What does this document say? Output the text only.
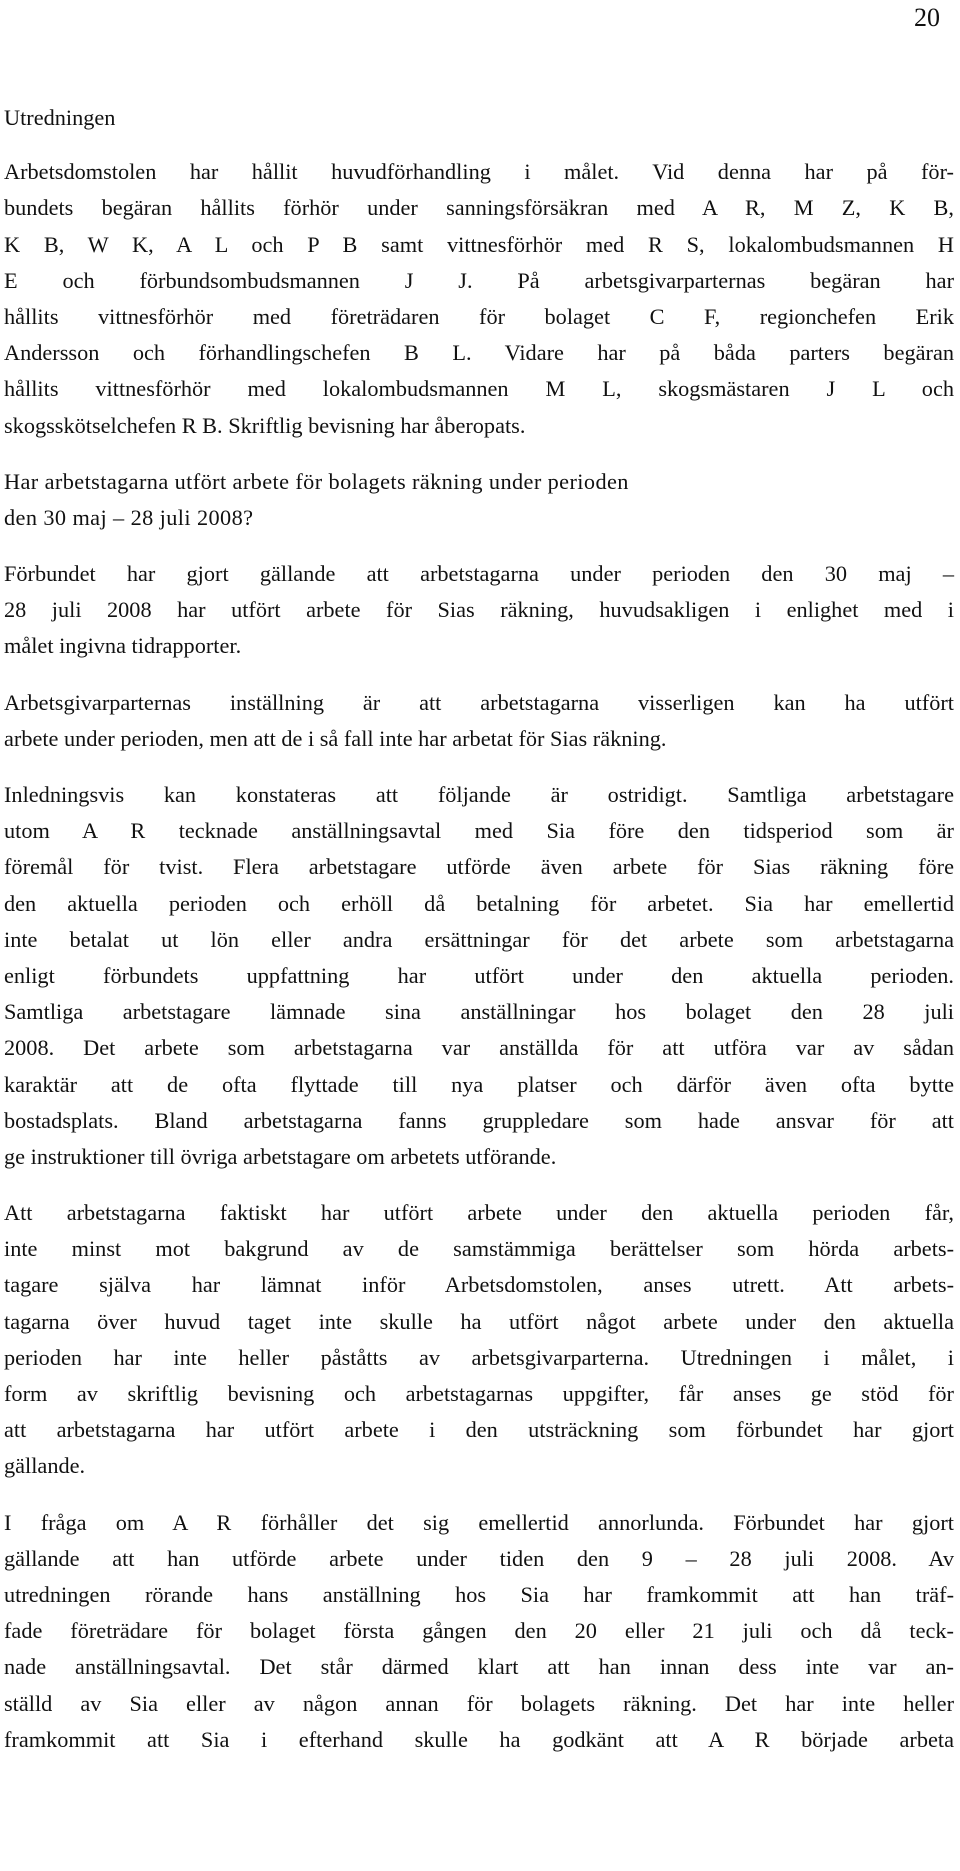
20
Utredningen
Arbetsdomstolen har hållit huvudförhandling i målet. Vid denna har på för-
bundets begäran hållits förhör under sanningsförsäkran med A R, M Z, K B,
K B, W K, A L och P B samt vittnesförhör med R S, lokalombudsmannen H
E och förbundsombudsmannen J J. På arbetsgivarparternas begäran har
hållits vittnesförhör med företrädaren för bolaget C F, regionchefen Erik
Andersson och förhandlingschefen B L. Vidare har på båda parters begäran
hållits vittnesförhör med lokalombudsmannen M L, skogsmästaren J L och
skogsskötselchefen R B. Skriftlig bevisning har åberopats.
Har arbetstagarna utfört arbete för bolagets räkning under perioden
den 30 maj – 28 juli 2008?
Förbundet har gjort gällande att arbetstagarna under perioden den 30 maj –
28 juli 2008 har utfört arbete för Sias räkning, huvudsakligen i enlighet med i
målet ingivna tidrapporter.
Arbetsgivarparternas inställning är att arbetstagarna visserligen kan ha utfört
arbete under perioden, men att de i så fall inte har arbetat för Sias räkning.
Inledningsvis kan konstateras att följande är ostridigt. Samtliga arbetstagare
utom A R tecknade anställningsavtal med Sia före den tidsperiod som är
föremål för tvist. Flera arbetstagare utförde även arbete för Sias räkning före
den aktuella perioden och erhöll då betalning för arbetet. Sia har emellertid
inte betalat ut lön eller andra ersättningar för det arbete som arbetstagarna
enligt förbundets uppfattning har utfört under den aktuella perioden.
Samtliga arbetstagare lämnade sina anställningar hos bolaget den 28 juli
2008. Det arbete som arbetstagarna var anställda för att utföra var av sådan
karaktär att de ofta flyttade till nya platser och därför även ofta bytte
bostadsplats. Bland arbetstagarna fanns gruppledare som hade ansvar för att
ge instruktioner till övriga arbetstagare om arbetets utförande.
Att arbetstagarna faktiskt har utfört arbete under den aktuella perioden får,
inte minst mot bakgrund av de samstämmiga berättelser som hörda arbets-
tagare själva har lämnat inför Arbetsdomstolen, anses utrett. Att arbets-
tagarna över huvud taget inte skulle ha utfört något arbete under den aktuella
perioden har inte heller påståtts av arbetsgivarparterna. Utredningen i målet, i
form av skriftlig bevisning och arbetstagarnas uppgifter, får anses ge stöd för
att arbetstagarna har utfört arbete i den utsträckning som förbundet har gjort
gällande.
I fråga om A R förhåller det sig emellertid annorlunda. Förbundet har gjort
gällande att han utförde arbete under tiden den 9 – 28 juli 2008. Av
utredningen rörande hans anställning hos Sia har framkommit att han träf-
fade företrädare för bolaget första gången den 20 eller 21 juli och då teck-
nade anställningsavtal. Det står därmed klart att han innan dess inte var an-
ställd av Sia eller av någon annan för bolagets räkning. Det har inte heller
framkommit att Sia i efterhand skulle ha godkänt att A R började arbeta
